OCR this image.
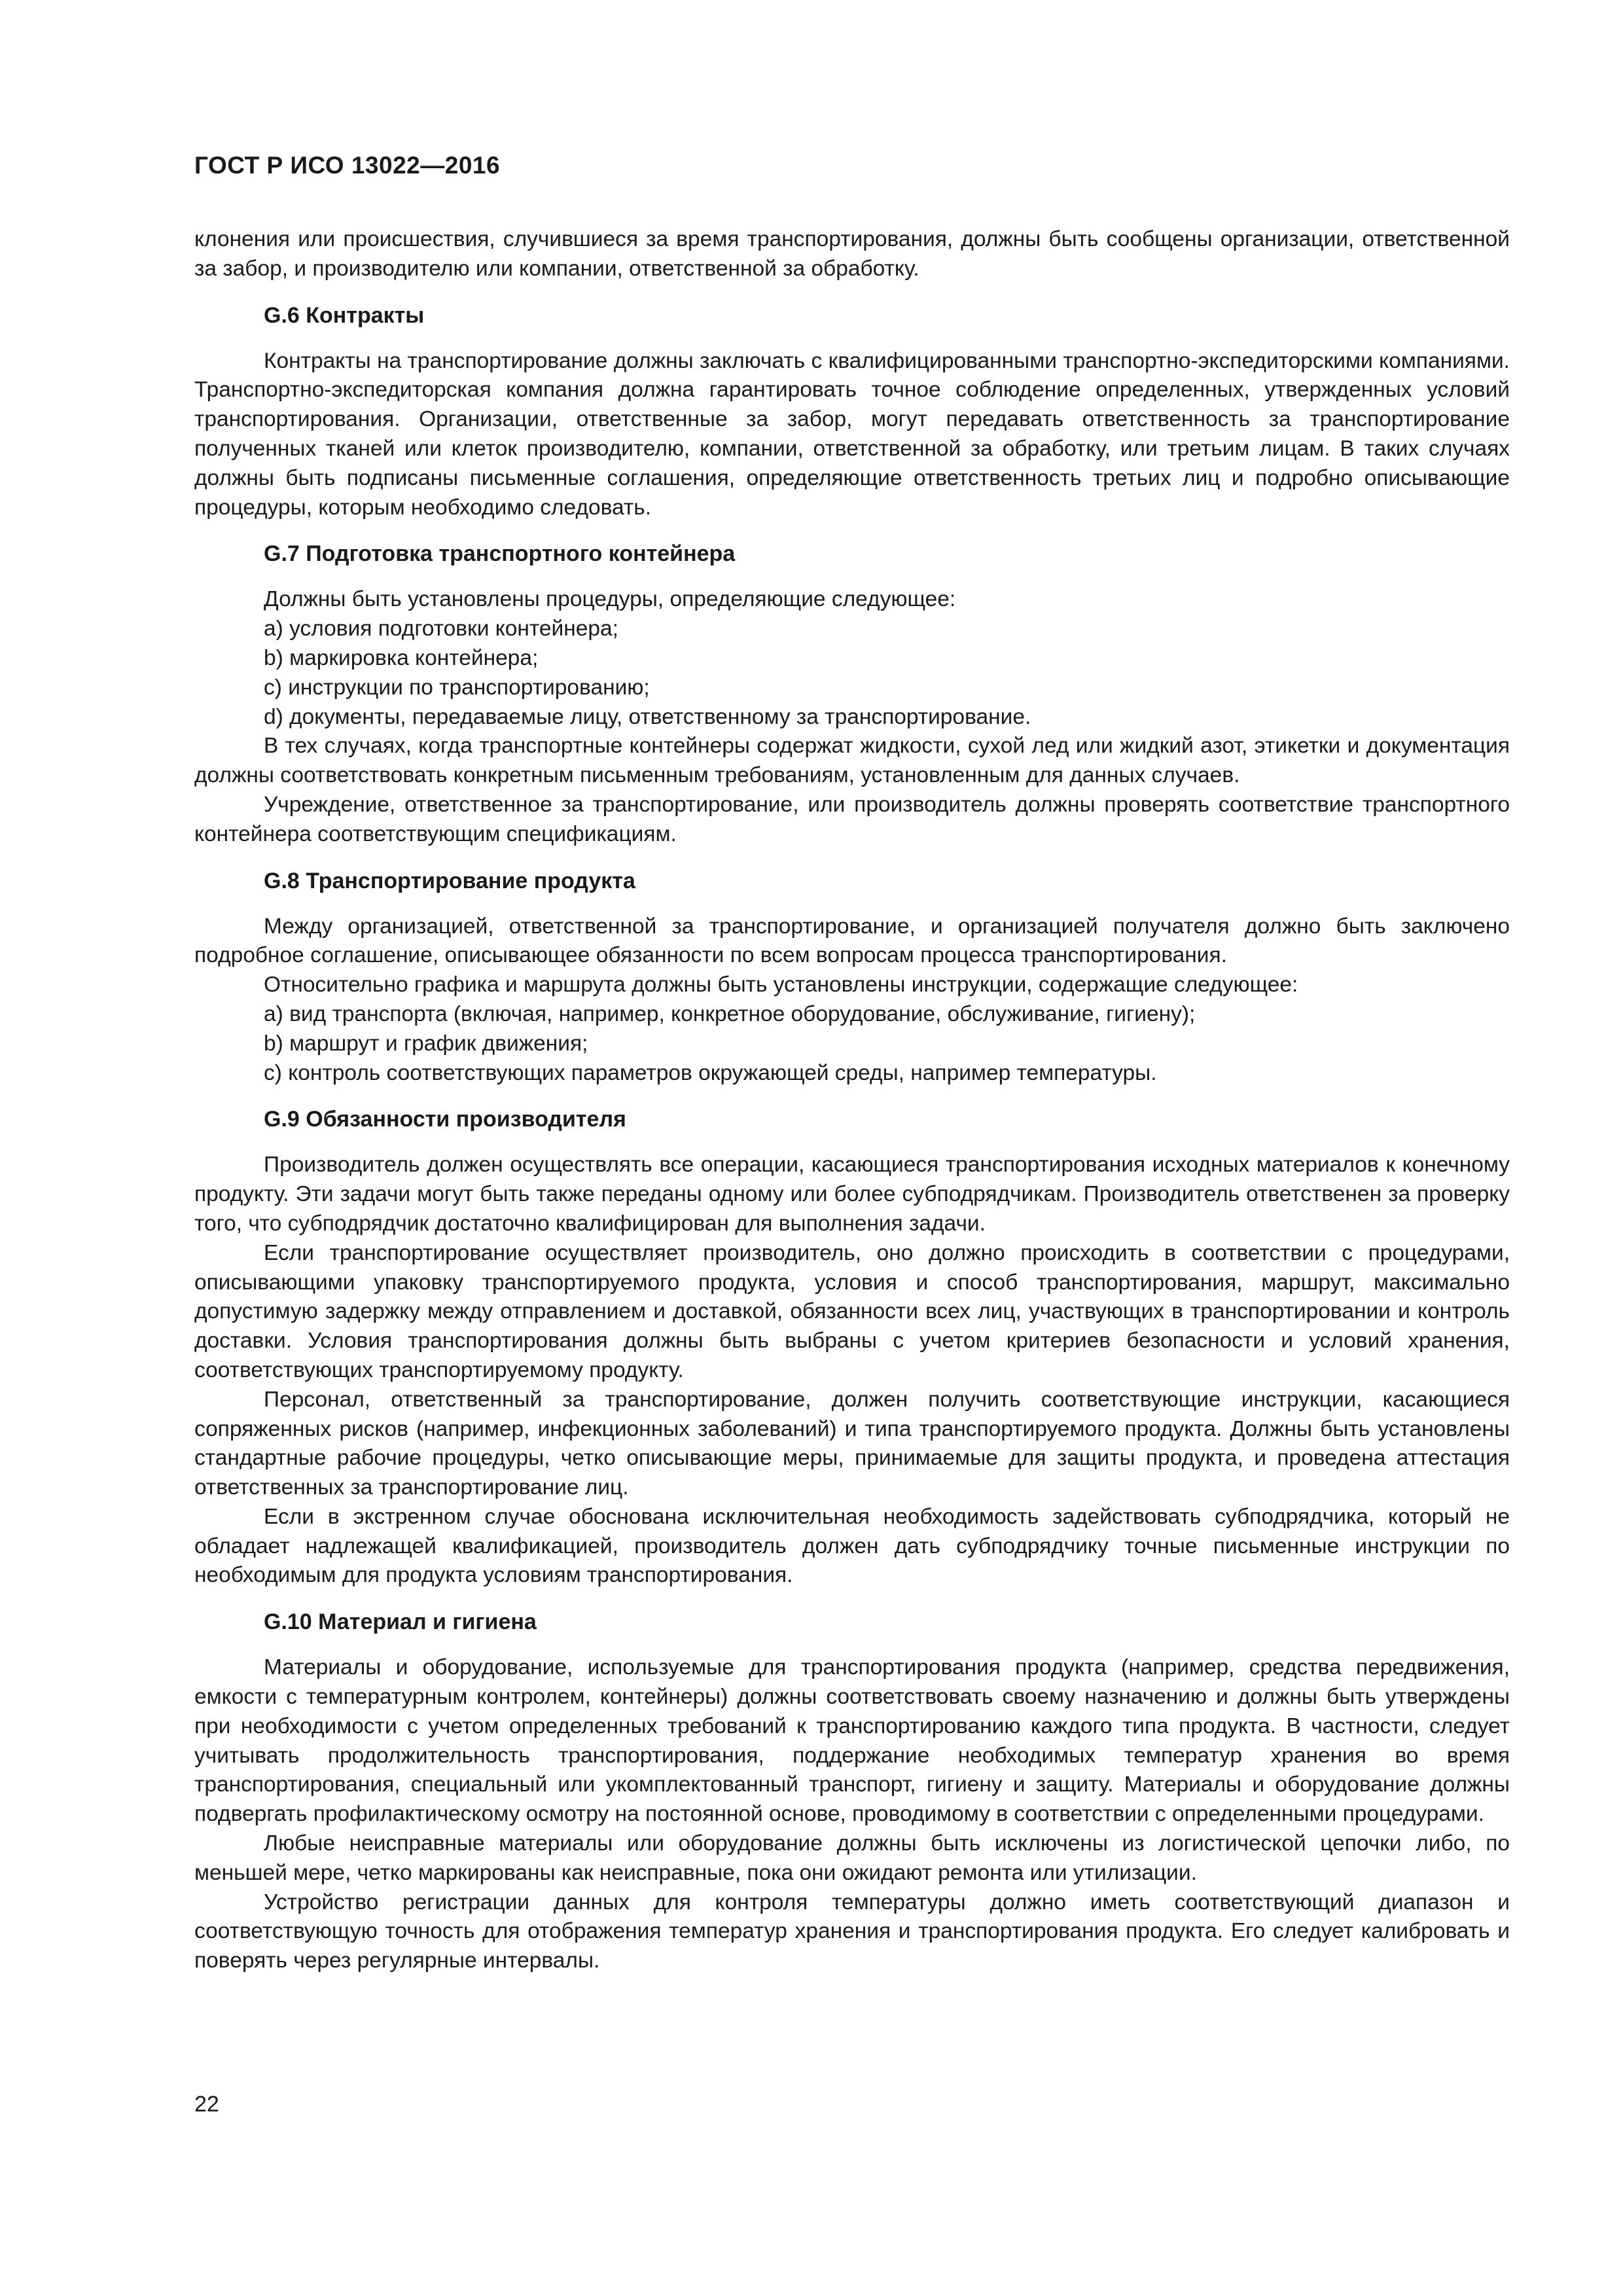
ГОСТ Р ИСО 13022—2016

клонения или происшествия, случившиеся за время транспортирования, должны быть сообщены организации, ответственной за забор, и производителю или компании, ответственной за обработку.

G.6 Контракты

Контракты на транспортирование должны заключать с квалифицированными транспортно-экспедиторскими компаниями. Транспортно-экспедиторская компания должна гарантировать точное соблюдение определенных, утвержденных условий транспортирования. Организации, ответственные за забор, могут передавать ответственность за транспортирование полученных тканей или клеток производителю, компании, ответственной за обработку, или третьим лицам. В таких случаях должны быть подписаны письменные соглашения, определяющие ответственность третьих лиц и подробно описывающие процедуры, которым необходимо следовать.

G.7 Подготовка транспортного контейнера

Должны быть установлены процедуры, определяющие следующее:

a) условия подготовки контейнера;
b) маркировка контейнера;
c) инструкции по транспортированию;
d) документы, передаваемые лицу, ответственному за транспортирование.

В тех случаях, когда транспортные контейнеры содержат жидкости, сухой лед или жидкий азот, этикетки и документация должны соответствовать конкретным письменным требованиям, установленным для данных случаев.

Учреждение, ответственное за транспортирование, или производитель должны проверять соответствие транспортного контейнера соответствующим спецификациям.

G.8 Транспортирование продукта

Между организацией, ответственной за транспортирование, и организацией получателя должно быть заключено подробное соглашение, описывающее обязанности по всем вопросам процесса транспортирования.

Относительно графика и маршрута должны быть установлены инструкции, содержащие следующее:

a) вид транспорта (включая, например, конкретное оборудование, обслуживание, гигиену);
b) маршрут и график движения;
c) контроль соответствующих параметров окружающей среды, например температуры.
G.9 Обязанности производителя

Производитель должен осуществлять все операции, касающиеся транспортирования исходных материалов к конечному продукту. Эти задачи могут быть также переданы одному или более субподрядчикам. Производитель ответственен за проверку того, что субподрядчик достаточно квалифицирован для выполнения задачи.

Если транспортирование осуществляет производитель, оно должно происходить в соответствии с процедурами, описывающими упаковку транспортируемого продукта, условия и способ транспортирования, маршрут, максимально допустимую задержку между отправлением и доставкой, обязанности всех лиц, участвующих в транспортировании и контроль доставки. Условия транспортирования должны быть выбраны с учетом критериев безопасности и условий хранения, соответствующих транспортируемому продукту.

Персонал, ответственный за транспортирование, должен получить соответствующие инструкции, касающиеся сопряженных рисков (например, инфекционных заболеваний) и типа транспортируемого продукта. Должны быть установлены стандартные рабочие процедуры, четко описывающие меры, принимаемые для защиты продукта, и проведена аттестация ответственных за транспортирование лиц.

Если в экстренном случае обоснована исключительная необходимость задействовать субподрядчика, который не обладает надлежащей квалификацией, производитель должен дать субподрядчику точные письменные инструкции по необходимым для продукта условиям транспортирования.

G.10 Материал и гигиена

Материалы и оборудование, используемые для транспортирования продукта (например, средства передвижения, емкости с температурным контролем, контейнеры) должны соответствовать своему назначению и должны быть утверждены при необходимости с учетом определенных требований к транспортированию каждого типа продукта. В частности, следует учитывать продолжительность транспортирования, поддержание необходимых температур хранения во время транспортирования, специальный или укомплектованный транспорт, гигиену и защиту. Материалы и оборудование должны подвергать профилактическому осмотру на постоянной основе, проводимому в соответствии с определенными процедурами.

Любые неисправные материалы или оборудование должны быть исключены из логистической цепочки либо, по меньшей мере, четко маркированы как неисправные, пока они ожидают ремонта или утилизации.

Устройство регистрации данных для контроля температуры должно иметь соответствующий диапазон и соответствующую точность для отображения температур хранения и транспортирования продукта. Его следует калибровать и поверять через регулярные интервалы.

22
